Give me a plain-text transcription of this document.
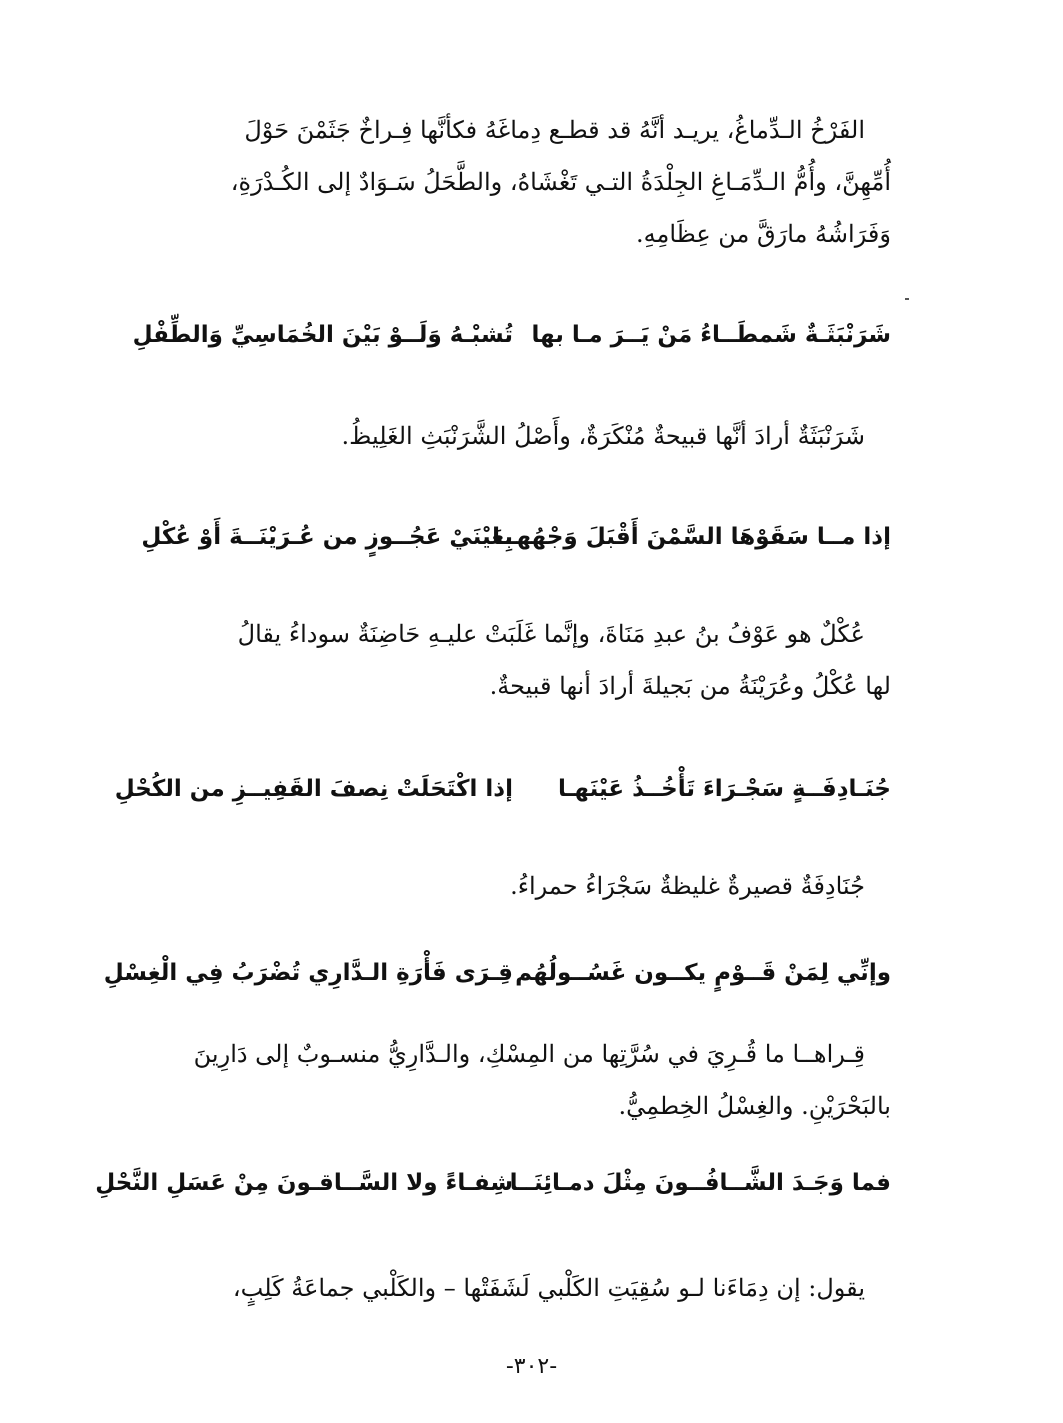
الفَرْخُ الـدِّماغُ، يريـد أنَّهُ قد قطـع دِماغَهُ فكأنَّها فِـراخٌ جَثَمْنَ حَوْلَ
أُمِّهِنَّ، وأُمُّ الـدِّمَـاغِ الجِلْدَةُ التـي تَغْشَاهُ، والطَّحَلُ سَـوَادٌ إلى الكُـدْرَةِ،
وَفَرَاشُهُ مارَقَّ من عِظَامِهِ.
شَرَنْبَثَـةٌ شَمطَــاءُ مَنْ يَــرَ مـا بها
تُشبْـهُ وَلَــوْ بَيْنَ الخُمَاسِيِّ وَالطِّفْلِ
شَرَنْبَثَةٌ أرادَ أنَّها قبيحةٌ مُنْكَرَةٌ، وأَصْلُ الشَّرَنْبَثِ الغَلِيظُ.
إذا مــا سَقَوْهَا السَّمْنَ أَقْبَلَ وَجْهُهــا
بِعَيْنَيْ عَجُــوزٍ من عُـرَيْنَــةَ أَوْ عُكْلِ
عُكْلٌ هو عَوْفُ بنُ عبدِ مَنَاةَ، وإنَّما غَلَبَتْ عليـهِ حَاضِنَةٌ سوداءُ يقالُ
لها عُكْلُ وعُرَيْنَةُ من بَجيلةَ أرادَ أنها قبيحةٌ.
جُنَـادِفَــةٍ سَجْـرَاءَ تَأْخُــذُ عَيْنَهـا
إذا اكْتَحَلَتْ نِصفَ القَفِيــزِ من الكُحْلِ
جُنَادِفَةٌ قصيرةٌ غليظةٌ سَجْرَاءُ حمراءُ.
وإنِّي لِمَنْ قَــوْمٍ يكــون غَسُــولُهُم
قِـرَى فَأْرَةِ الـدَّارِي تُضْرَبُ فِي الْغِسْلِ
قِـراهــا ما قُـرِيَ في سُرَّتِها من المِسْكِ، والـدَّارِيُّ منسـوبٌ إلى دَارِينَ
بالبَحْرَيْنِ. والغِسْلُ الخِطمِيُّ.
فما وَجَـدَ الشَّــافُــونَ مِثْلَ دمـائِنَــا
شِفـاءً ولا السَّــاقـونَ مِنْ عَسَلِ النَّحْلِ
يقول: إن دِمَاءَنا لـو سُقِيَتِ الكَلْبي لَشَفَتْها – والكَلْبي جماعَةُ كَلِبٍ،
-٣٠٢-
